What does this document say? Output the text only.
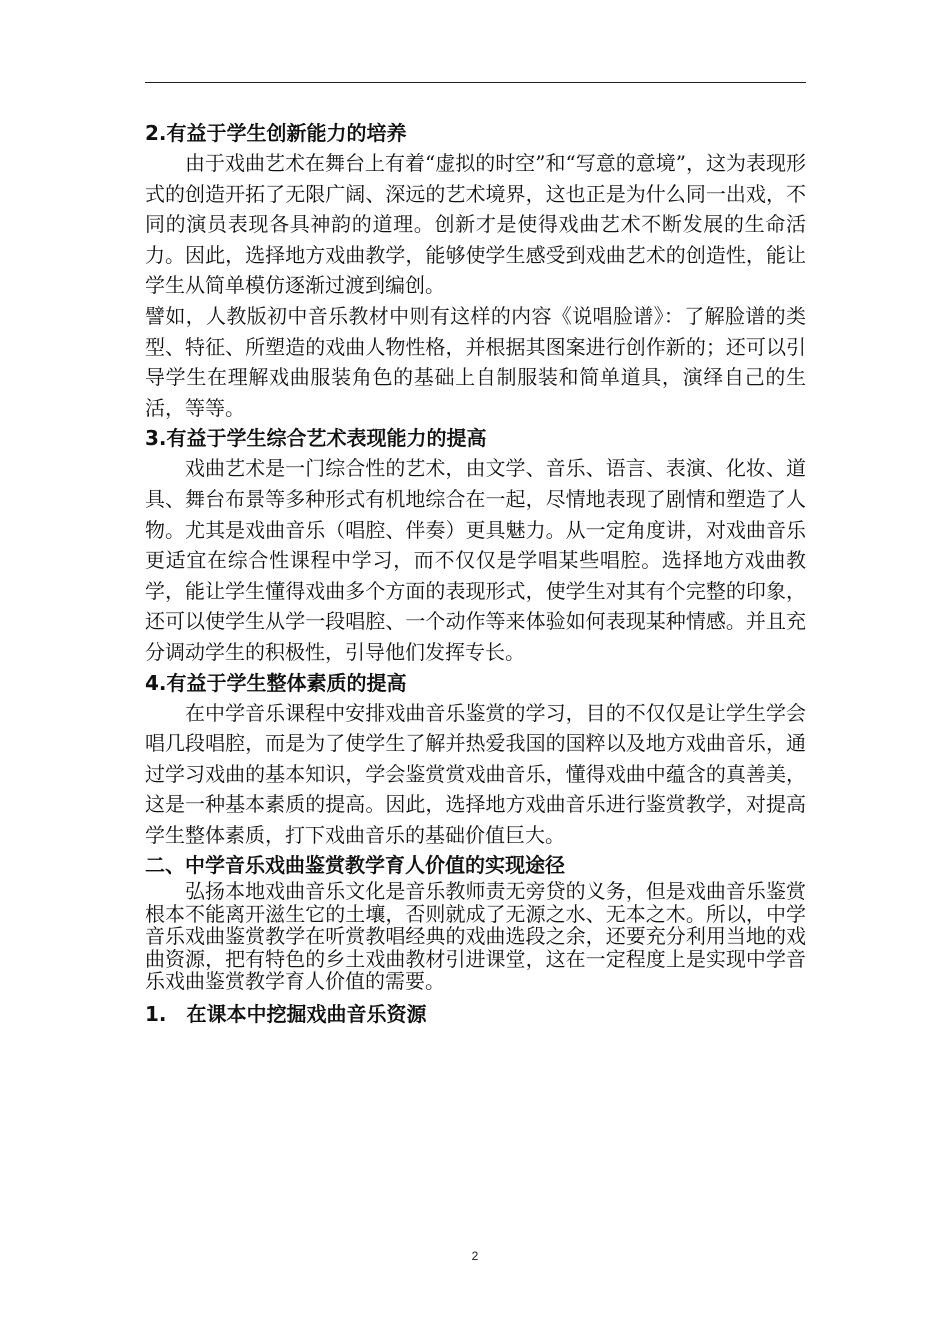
2.有益于学生创新能力的培养
由于戏曲艺术在舞台上有着“虚拟的时空”和“写意的意境”，这为表现形式的创造开拓了无限广阔、深远的艺术境界，这也正是为什么同一出戏，不同的演员表现各具神韵的道理。创新才是使得戏曲艺术不断发展的生命活力。因此，选择地方戏曲教学，能够使学生感受到戏曲艺术的创造性，能让学生从简单模仿逐渐过渡到编创。
譬如，人教版初中音乐教材中则有这样的内容《说唱脸谱》：了解脸谱的类型、特征、所塑造的戏曲人物性格，并根据其图案进行创作新的；还可以引导学生在理解戏曲服装角色的基础上自制服装和简单道具，演绎自己的生活，等等。
3.有益于学生综合艺术表现能力的提高
戏曲艺术是一门综合性的艺术，由文学、音乐、语言、表演、化妆、道具、舞台布景等多种形式有机地综合在一起，尽情地表现了剧情和塑造了人物。尤其是戏曲音乐（唱腔、伴奏）更具魅力。从一定角度讲，对戏曲音乐更适宜在综合性课程中学习，而不仅仅是学唱某些唱腔。选择地方戏曲教学，能让学生懂得戏曲多个方面的表现形式，使学生对其有个完整的印象，还可以使学生从学一段唱腔、一个动作等来体验如何表现某种情感。并且充分调动学生的积极性，引导他们发挥专长。
4.有益于学生整体素质的提高
在中学音乐课程中安排戏曲音乐鉴赏的学习，目的不仅仅是让学生学会唱几段唱腔，而是为了使学生了解并热爱我国的国粹以及地方戏曲音乐，通过学习戏曲的基本知识，学会鉴赏赏戏曲音乐，懂得戏曲中蕴含的真善美，这是一种基本素质的提高。因此，选择地方戏曲音乐进行鉴赏教学，对提高学生整体素质，打下戏曲音乐的基础价值巨大。
二、中学音乐戏曲鉴赏教学育人价值的实现途径
弘扬本地戏曲音乐文化是音乐教师责无旁贷的义务，但是戏曲音乐鉴赏根本不能离开滋生它的土壤，否则就成了无源之水、无本之木。所以，中学音乐戏曲鉴赏教学在听赏教唱经典的戏曲选段之余，还要充分利用当地的戏曲资源，把有特色的乡土戏曲教材引进课堂，这在一定程度上是实现中学音乐戏曲鉴赏教学育人价值的需要。
1.　在课本中挖掘戏曲音乐资源
2
